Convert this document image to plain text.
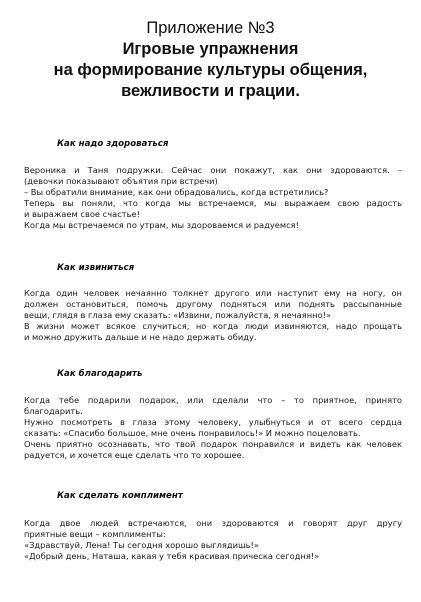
Приложение №3
Игровые упражнения
на формирование культуры общения,
вежливости и грации.
Как надо здороваться
Вероника и Таня подружки. Сейчас они покажут, как они здороваются. –
(девочки показывают объятия при встречи)
– Вы обратили внимание, как они обрадовались, когда встретились?
Теперь вы поняли, что когда мы встречаемся, мы выражаем свою радость
и выражаем свое счастье!
Когда мы встречаемся по утрам, мы здороваемся и радуемся!
Как извиниться
Когда один человек нечаянно толкнет другого или наступит ему на ногу, он
должен остановиться, помочь другому подняться или поднять рассыпанные
вещи, глядя в глаза ему сказать: «Извини, пожалуйста, я нечаянно!»
В жизни может всякое случиться, но когда люди извиняются, надо прощать
и можно дружить дальше и не надо держать обиду.
Как благодарить
Когда тебе подарили подарок, или сделали что – то приятное, принято
благодарить.
Нужно посмотреть в глаза этому человеку, улыбнуться и от всего сердца
сказать: «Спасибо большое, мне очень понравилось!» И можно поцеловать.
Очень приятно осознавать, что твой подарок понравился и видеть как человек
радуется, и хочется еще сделать что то хорошее.
Как сделать комплимент
Когда двое людей встречаются, они здороваются и говорят друг другу
приятные вещи – комплименты:
«Здравствуй, Лена! Ты сегодня хорошо выглядишь!»
«Добрый день, Наташа, какая у тебя красивая прическа сегодня!»
